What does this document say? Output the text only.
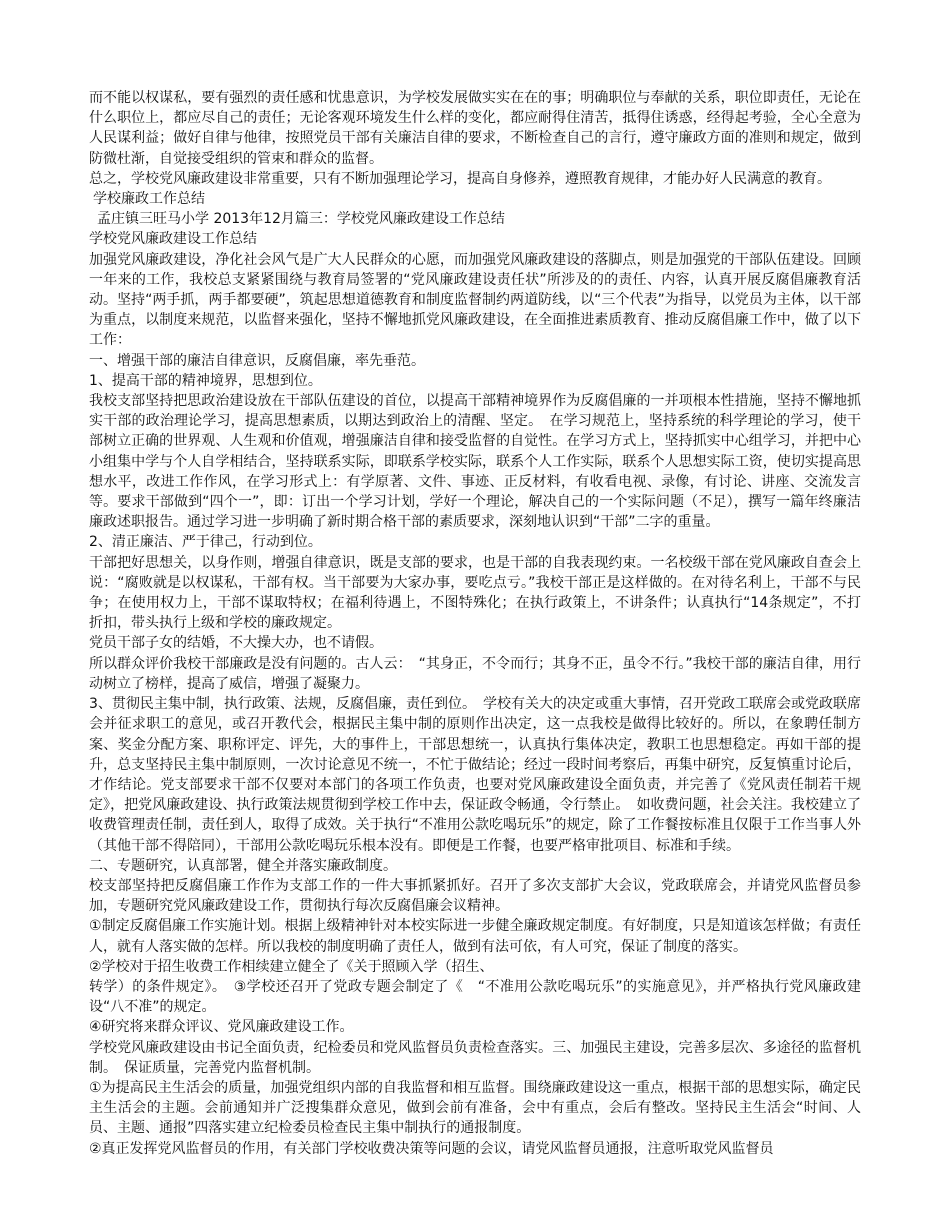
而不能以权谋私，要有强烈的责任感和忧患意识，为学校发展做实实在在的事；明确职位与奉献的关系，职位即责任，无论在什么职位上，都应尽自己的责任；无论客观环境发生什么样的变化，都应耐得住清苦，抵得住诱惑，经得起考验，全心全意为人民谋利益；做好自律与他律，按照党员干部有关廉洁自律的要求，不断检查自己的言行，遵守廉政方面的准则和规定，做到防微杜渐，自觉接受组织的管束和群众的监督。

总之，学校党风廉政建设非常重要，只有不断加强理论学习，提高自身修养，遵照教育规律，才能办好人民满意的教育。

学校廉政工作总结

孟庄镇三旺马小学 2013年12月篇三：学校党风廉政建设工作总结

学校党风廉政建设工作总结

加强党风廉政建设，净化社会风气是广大人民群众的心愿，而加强党风廉政建设的落脚点，则是加强党的干部队伍建设。回顾一年来的工作，我校总支紧紧围绕与教育局签署的“党风廉政建设责任状”所涉及的的责任、内容，认真开展反腐倡廉教育活动。坚持“两手抓，两手都要硬”，筑起思想道德教育和制度监督制约两道防线，以“三个代表”为指导，以党员为主体，以干部为重点，以制度来规范，以监督来强化，坚持不懈地抓党风廉政建设，在全面推进素质教育、推动反腐倡廉工作中，做了以下工作：

一、增强干部的廉洁自律意识，反腐倡廉，率先垂范。

1、提高干部的精神境界，思想到位。

我校支部坚持把思政治建设放在干部队伍建设的首位，以提高干部精神境界作为反腐倡廉的一并项根本性措施，坚持不懈地抓实干部的政治理论学习，提高思想素质，以期达到政治上的清醒、坚定。　在学习规范上，坚持系统的科学理论的学习，使干部树立正确的世界观、人生观和价值观，增强廉洁自律和接受监督的自觉性。在学习方式上，坚持抓实中心组学习，并把中心小组集中学与个人自学相结合，坚持联系实际，即联系学校实际，联系个人工作实际，联系个人思想实际工资，使切实提高思想水平，改进工作作风，在学习形式上：有学原著、文件、事迹、正反材料，有收看电视、录像，有讨论、讲座、交流发言等。要求干部做到“四个一”，即：订出一个学习计划，学好一个理论，解决自己的一个实际问题（不足），撰写一篇年终廉洁廉政述职报告。通过学习进一步明确了新时期合格干部的素质要求，深刻地认识到“干部”二字的重量。

2、清正廉洁、严于律己，行动到位。

干部把好思想关，以身作则，增强自律意识，既是支部的要求，也是干部的自我表现约束。一名校级干部在党风廉政自查会上说：“腐败就是以权谋私，干部有权。当干部要为大家办事，要吃点亏。”我校干部正是这样做的。在对待名利上，干部不与民争；在使用权力上，干部不谋取特权；在福利待遇上，不图特殊化；在执行政策上，不讲条件；认真执行“14条规定”，不打折扣，带头执行上级和学校的廉政规定。

党员干部子女的结婚，不大操大办，也不请假。

所以群众评价我校干部廉政是没有问题的。古人云：　“其身正，不令而行；其身不正，虽令不行。”我校干部的廉洁自律，用行动树立了榜样，提高了威信，增强了凝聚力。

3、贯彻民主集中制，执行政策、法规，反腐倡廉，责任到位。　学校有关大的决定或重大事情，召开党政工联席会或党政联席会并征求职工的意见，或召开教代会，根据民主集中制的原则作出决定，这一点我校是做得比较好的。所以，在象聘任制方案、奖金分配方案、职称评定、评先，大的事件上，干部思想统一，认真执行集体决定，教职工也思想稳定。再如干部的提升，总支坚持民主集中制原则，一次讨论意见不统一，不忙于做结论；经过一段时间考察后，再集中研究，反复慎重讨论后，才作结论。党支部要求干部不仅要对本部门的各项工作负责，也要对党风廉政建设全面负责，并完善了《党风责任制若干规定》，把党风廉政建设、执行政策法规贯彻到学校工作中去，保证政令畅通，令行禁止。　如收费问题，社会关注。我校建立了收费管理责任制，责任到人，取得了成效。关于执行“不准用公款吃喝玩乐”的规定，除了工作餐按标准且仅限于工作当事人外（其他干部不得陪同），干部用公款吃喝玩乐根本没有。即便是工作餐，也要严格审批项目、标准和手续。

二、专题研究，认真部署，健全并落实廉政制度。

校支部坚持把反腐倡廉工作作为支部工作的一件大事抓紧抓好。召开了多次支部扩大会议，党政联席会，并请党风监督员参加，专题研究党风廉政建设工作，贯彻执行每次反腐倡廉会议精神。

①制定反腐倡廉工作实施计划。根据上级精神针对本校实际进一步健全廉政规定制度。有好制度，只是知道该怎样做；有责任人，就有人落实做的怎样。所以我校的制度明确了责任人，做到有法可依，有人可究，保证了制度的落实。

②学校对于招生收费工作相续建立健全了《关于照顾入学（招生、

转学）的条件规定》。　③学校还召开了党政专题会制定了《　“不准用公款吃喝玩乐”的实施意见》，并严格执行党风廉政建设“八不准”的规定。

④研究将来群众评议、党风廉政建设工作。

学校党风廉政建设由书记全面负责，纪检委员和党风监督员负责检查落实。三、加强民主建设，完善多层次、多途径的监督机制。　保证质量，完善党内监督机制。

①为提高民主生活会的质量，加强党组织内部的自我监督和相互监督。围绕廉政建设这一重点，根据干部的思想实际，确定民主生活会的主题。会前通知并广泛搜集群众意见，做到会前有准备，会中有重点，会后有整改。坚持民主生活会“时间、人员、主题、通报”四落实建立纪检委员检查民主集中制执行的通报制度。

②真正发挥党风监督员的作用，有关部门学校收费决策等问题的会议，请党风监督员通报，注意听取党风监督员
